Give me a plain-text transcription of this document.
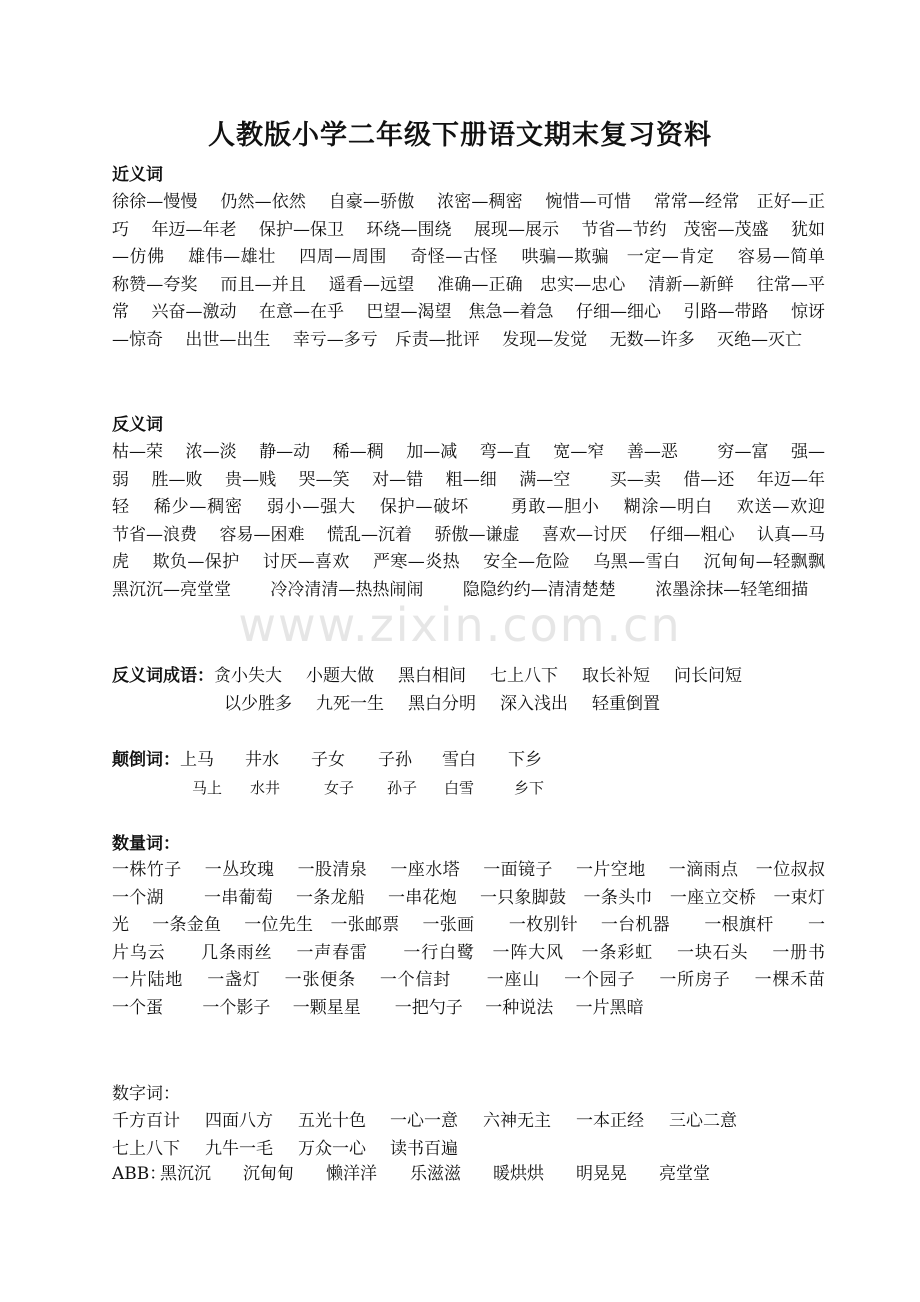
人教版小学二年级下册语文期末复习资料
近义词
徐徐—慢慢　 仍然—依然　 自豪—骄傲　 浓密—稠密　 惋惜—可惜　 常常—经常　正好—正巧　 年迈—年老　 保护—保卫　 环绕—围绕　 展现—展示　 节省—节约　茂密—茂盛　 犹如—仿佛　 雄伟—雄壮　 四周—周围　 奇怪—古怪　 哄骗—欺骗　一定—肯定　 容易—简单　 称赞—夸奖　 而且—并且　 遥看—远望　 准确—正确　忠实—忠心　 清新—新鲜　 往常—平常　 兴奋—激动　 在意—在乎　 巴望—渴望　焦急—着急　 仔细—细心　 引路—带路　 惊讶—惊奇　 出世—出生　 幸亏—多亏　斥责—批评　 发现—发觉　 无数—许多　 灭绝—灭亡
反义词
枯—荣　 浓—淡　 静—动　 稀—稠　 加—减　 弯—直　 宽—窄　 善—恶　　 穷—富　 强—弱　 胜—败　 贵—贱　 哭—笑　 对—错　 粗—细　 满—空　　 买—卖　 借—还　 年迈—年轻　 稀少—稠密　 弱小—强大　 保护—破坏　　 勇敢—胆小　 糊涂—明白　 欢送—欢迎　 节省—浪费　 容易—困难　 慌乱—沉着　 骄傲—谦虚　 喜欢—讨厌　 仔细—粗心　 认真—马虎　 欺负—保护　 讨厌—喜欢　 严寒—炎热　 安全—危险　 乌黑—雪白　 沉甸甸—轻飘飘　 黑沉沉—亮堂堂　　 冷冷清清—热热闹闹　　 隐隐约约—清清楚楚　　 浓墨涂抹—轻笔细描
www.zixin.com.cn
反义词成语：贪小失大 小题大做 黑白相间 七上八下 取长补短 问长问短
以少胜多 九死一生 黑白分明 深入浅出 轻重倒置
颠倒词：上马 井水 子女 子孙 雪白 下乡
马上 水井	女子 孙子 白雪	乡下
数量词：
一株竹子　 一丛玫瑰　 一股清泉　 一座水塔　 一面镜子　 一片空地　 一滴雨点　一位叔叔　 一个湖　　 一串葡萄　 一条龙船　 一串花炮　 一只象脚鼓　一条头巾　一座立交桥　一束灯光　 一条金鱼　 一位先生　一张邮票　 一张画　　一枚别针　 一台机器　　一根旗杆　　一片乌云　　几条雨丝　 一声春雷　　一行白鹭　一阵大风　一条彩虹　 一块石头　 一册书　 一片陆地　 一盏灯　 一张便条　 一个信封　　一座山　 一个园子　 一所房子　 一棵禾苗　 一个蛋　　 一个影子　 一颗星星　　一把勺子　 一种说法　 一片黑暗
数字词：
千方百计 四面八方 五光十色 一心一意 六神无主 一本正经 三心二意
七上八下 九牛一毛 万众一心 读书百遍
ABB：黑沉沉 沉甸甸 懒洋洋 乐滋滋 暖烘烘 明晃晃 亮堂堂
